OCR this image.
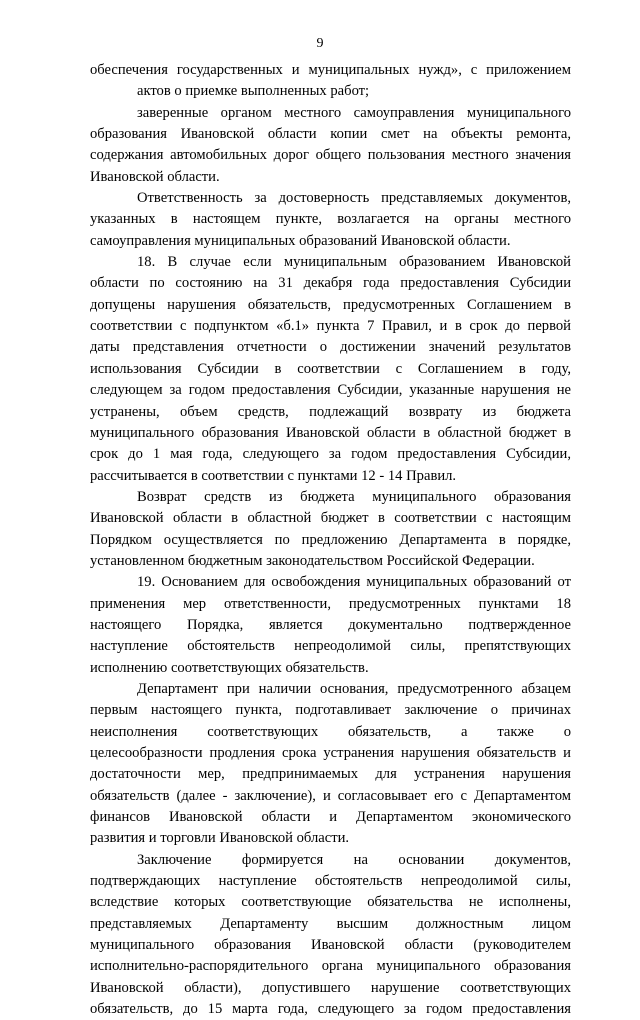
9
обеспечения государственных и муниципальных нужд», с приложением
актов о приемке выполненных работ;
заверенные органом местного самоуправления муниципального
образования Ивановской области копии смет на объекты ремонта,
содержания автомобильных дорог общего пользования местного значения
Ивановской области.
Ответственность за достоверность представляемых документов,
указанных в настоящем пункте, возлагается на органы местного
самоуправления муниципальных образований Ивановской области.
18. В случае если муниципальным образованием Ивановской
области по состоянию на 31 декабря года предоставления Субсидии
допущены нарушения обязательств, предусмотренных Соглашением в
соответствии с подпунктом «б.1» пункта 7 Правил, и в срок до первой
даты представления отчетности о достижении значений результатов
использования Субсидии в соответствии с Соглашением в году,
следующем за годом предоставления Субсидии, указанные нарушения не
устранены, объем средств, подлежащий возврату из бюджета
муниципального образования Ивановской области в областной бюджет в
срок до 1 мая года, следующего за годом предоставления Субсидии,
рассчитывается в соответствии с пунктами 12 - 14 Правил.
Возврат средств из бюджета муниципального образования
Ивановской области в областной бюджет в соответствии с настоящим
Порядком осуществляется по предложению Департамента в порядке,
установленном бюджетным законодательством Российской Федерации.
19. Основанием для освобождения муниципальных образований от
применения мер ответственности, предусмотренных пунктами 18
настоящего Порядка, является документально подтвержденное
наступление обстоятельств непреодолимой силы, препятствующих
исполнению соответствующих обязательств.
Департамент при наличии основания, предусмотренного абзацем
первым настоящего пункта, подготавливает заключение о причинах
неисполнения соответствующих обязательств, а также о
целесообразности продления срока устранения нарушения обязательств и
достаточности мер, предпринимаемых для устранения нарушения
обязательств (далее - заключение), и согласовывает его с Департаментом
финансов Ивановской области и Департаментом экономического
развития и торговли Ивановской области.
Заключение формируется на основании документов,
подтверждающих наступление обстоятельств непреодолимой силы,
вследствие которых соответствующие обязательства не исполнены,
представляемых Департаменту высшим должностным лицом
муниципального образования Ивановской области (руководителем
исполнительно-распорядительного органа муниципального образования
Ивановской области), допустившего нарушение соответствующих
обязательств, до 15 марта года, следующего за годом предоставления
